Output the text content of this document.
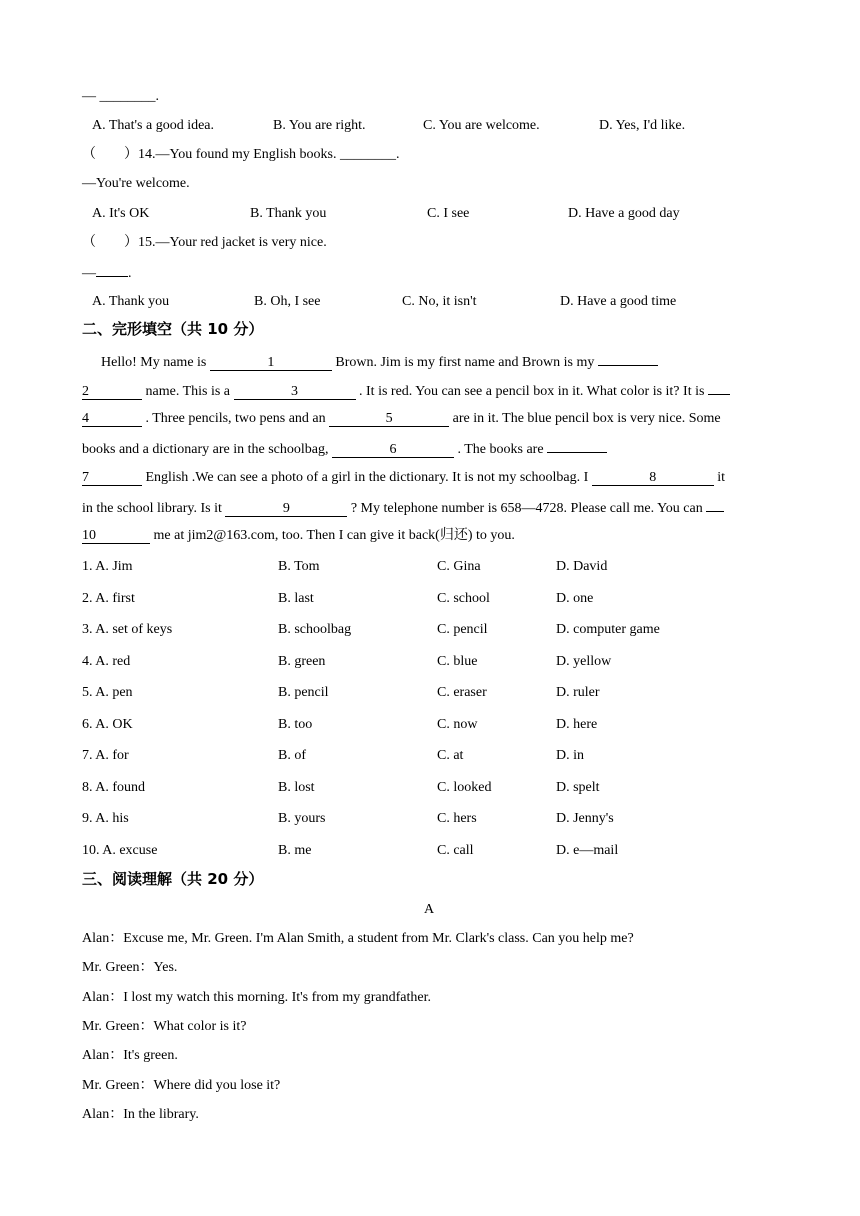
— ________.
A. That's a good idea.	B. You are right.	C. You are welcome.	D. Yes, I'd like.
（　　）14.—You found my English books. ________.
—You're welcome.
A. It's OK	B. Thank you	C. I see	D. Have a good day
（　　）15.—Your red jacket is very nice.
— .
A. Thank you	B. Oh, I see	C. No, it isn't	D. Have a good time
二、完形填空（共 10 分）
Hello! My name is	1	Brown. Jim is my first name and Brown is my
2	name. This is a	3	. It is red. You can see a pencil box in it. What color is it? It is
4	. Three pencils, two pens and an	5	are in it. The blue pencil box is very nice. Some
books and a dictionary are in the schoolbag,	6	. The books are
7	English .We can see a photo of a girl in the dictionary. It is not my schoolbag. I	8	it
in the school library. Is it	9	? My telephone number is 658—4728. Please call me. You can
10	me at jim2@163.com, too. Then I can give it back(归还) to you.
1. A. Jim	B. Tom	C. Gina	D. David
2. A. first	B. last	C. school	D. one
3. A. set of keys	B. schoolbag	C. pencil	D. computer game
4. A. red	B. green	C. blue	D. yellow
5. A. pen	B. pencil	C. eraser	D. ruler
6. A. OK	B. too	C. now	D. here
7. A. for	B. of	C. at	D. in
8. A. found	B. lost	C. looked	D. spelt
9. A. his	B. yours	C. hers	D. Jenny's
10. A. excuse	B. me	C. call	D. e—mail
三、阅读理解（共 20 分）
A
Alan：Excuse me, Mr. Green. I'm Alan Smith, a student from Mr. Clark's class. Can you help me?
Mr. Green：Yes.
Alan：I lost my watch this morning. It's from my grandfather.
Mr. Green：What color is it?
Alan：It's green.
Mr. Green：Where did you lose it?
Alan：In the library.
